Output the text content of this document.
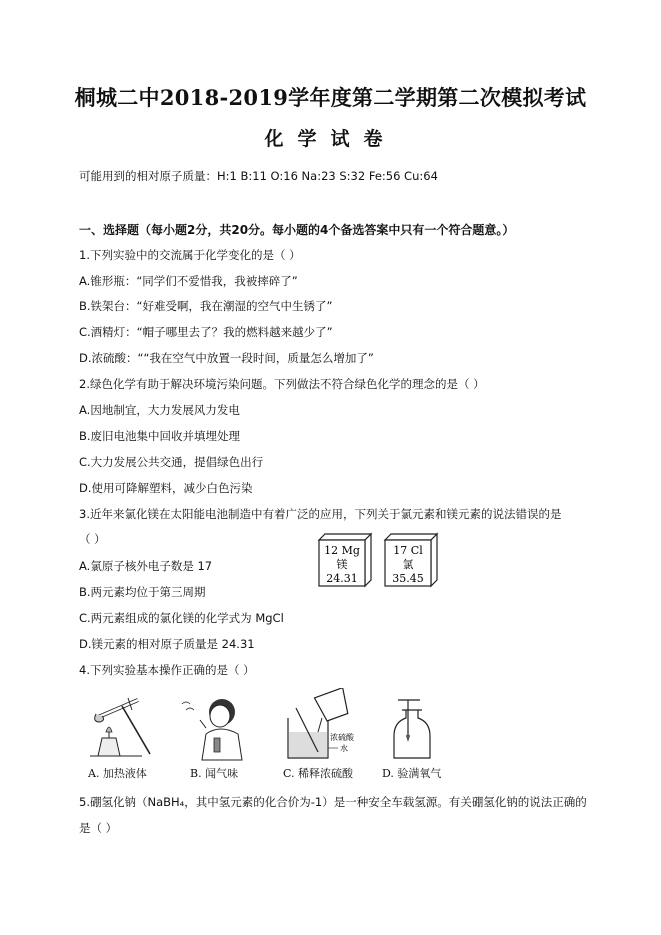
桐城二中2018-2019学年度第二学期第二次模拟考试
化学试卷
可能用到的相对原子质量：H:1 B:11 O:16 Na:23 S:32 Fe:56 Cu:64
一、选择题（每小题2分，共20分。每小题的4个备选答案中只有一个符合题意。）
1.下列实验中的交流属于化学变化的是（ ）
A.锥形瓶：“同学们不爱惜我，我被摔碎了”
B.铁架台：“好难受啊，我在潮湿的空气中生锈了”
C.酒精灯：“帽子哪里去了？我的燃料越来越少了”
D.浓硫酸：““我在空气中放置一段时间，质量怎么增加了”
2.绿色化学有助于解决环境污染问题。下列做法不符合绿色化学的理念的是（ ）
A.因地制宜，大力发展风力发电
B.废旧电池集中回收并填埋处理
C.大力发展公共交通，提倡绿色出行
D.使用可降解塑料，减少白色污染
3.近年来氯化镁在太阳能电池制造中有着广泛的应用，下列关于氯元素和镁元素的说法错误的是
（ ）
A.氯原子核外电子数是 17
B.两元素均位于第三周期
C.两元素组成的氯化镁的化学式为 MgCl
D.镁元素的相对原子质量是 24.31
12 Mg
镁
24.31
17 Cl
氯
35.45
4.下列实验基本操作正确的是（ ）
A. 加热液体	B. 闻气味
浓硫酸
水
C. 稀释浓硫酸	D. 验满氧气
5.硼氢化钠（NaBH₄，其中氢元素的化合价为-1）是一种安全车载氢源。有关硼氢化钠的说法正确的
是（ ）
